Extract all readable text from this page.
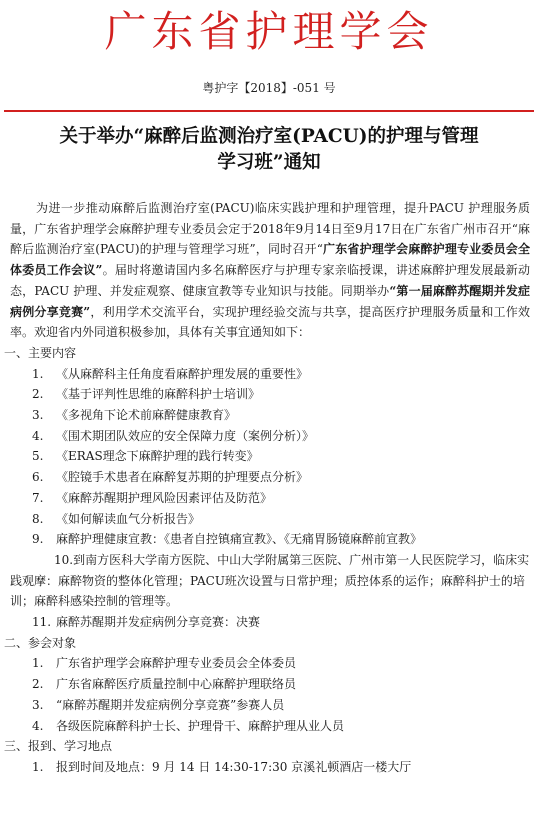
广东省护理学会
粤护字【2018】-051 号
关于举办“麻醉后监测治疗室(PACU)的护理与管理
学习班”通知

为进一步推动麻醉后监测治疗室(PACU)临床实践护理和护理管理，提升PACU 护理服务质量，广东省护理学会麻醉护理专业委员会定于2018年9月14日至9月17日在广东省广州市召开“麻醉后监测治疗室(PACU)的护理与管理学习班”，同时召开“广东省护理学会麻醉护理专业委员会全体委员工作会议”。届时将邀请国内多名麻醉医疗与护理专家亲临授课，讲述麻醉护理发展最新动态，PACU 护理、并发症观察、健康宣教等专业知识与技能。同期举办“第一届麻醉苏醒期并发症病例分享竞赛”，利用学术交流平台，实现护理经验交流与共享，提高医疗护理服务质量和工作效率。欢迎省内外同道积极参加，具体有关事宜通知如下：

一、主要内容

1. 《从麻醉科主任角度看麻醉护理发展的重要性》

2. 《基于评判性思维的麻醉科护士培训》

3. 《多视角下论术前麻醉健康教育》

4. 《围术期团队效应的安全保障力度（案例分析）》

5. 《ERAS理念下麻醉护理的践行转变》

6. 《腔镜手术患者在麻醉复苏期的护理要点分析》

7. 《麻醉苏醒期护理风险因素评估及防范》

8. 《如何解读血气分析报告》

9. 麻醉护理健康宣教：《患者自控镇痛宣教》、《无痛胃肠镜麻醉前宣教》

10.到南方医科大学南方医院、中山大学附属第三医院、广州市第一人民医院学习，临床实践观摩：麻醉物资的整体化管理；PACU班次设置与日常护理；质控体系的运作；麻醉科护士的培训；麻醉科感染控制的管理等。

11. 麻醉苏醒期并发症病例分享竞赛：决赛

二、参会对象

1. 广东省护理学会麻醉护理专业委员会全体委员

2. 广东省麻醉医疗质量控制中心麻醉护理联络员

3. “麻醉苏醒期并发症病例分享竞赛”参赛人员

4. 各级医院麻醉科护士长、护理骨干、麻醉护理从业人员

三、报到、学习地点

1. 报到时间及地点：9 月 14 日 14:30-17:30 京溪礼顿酒店一楼大厅
